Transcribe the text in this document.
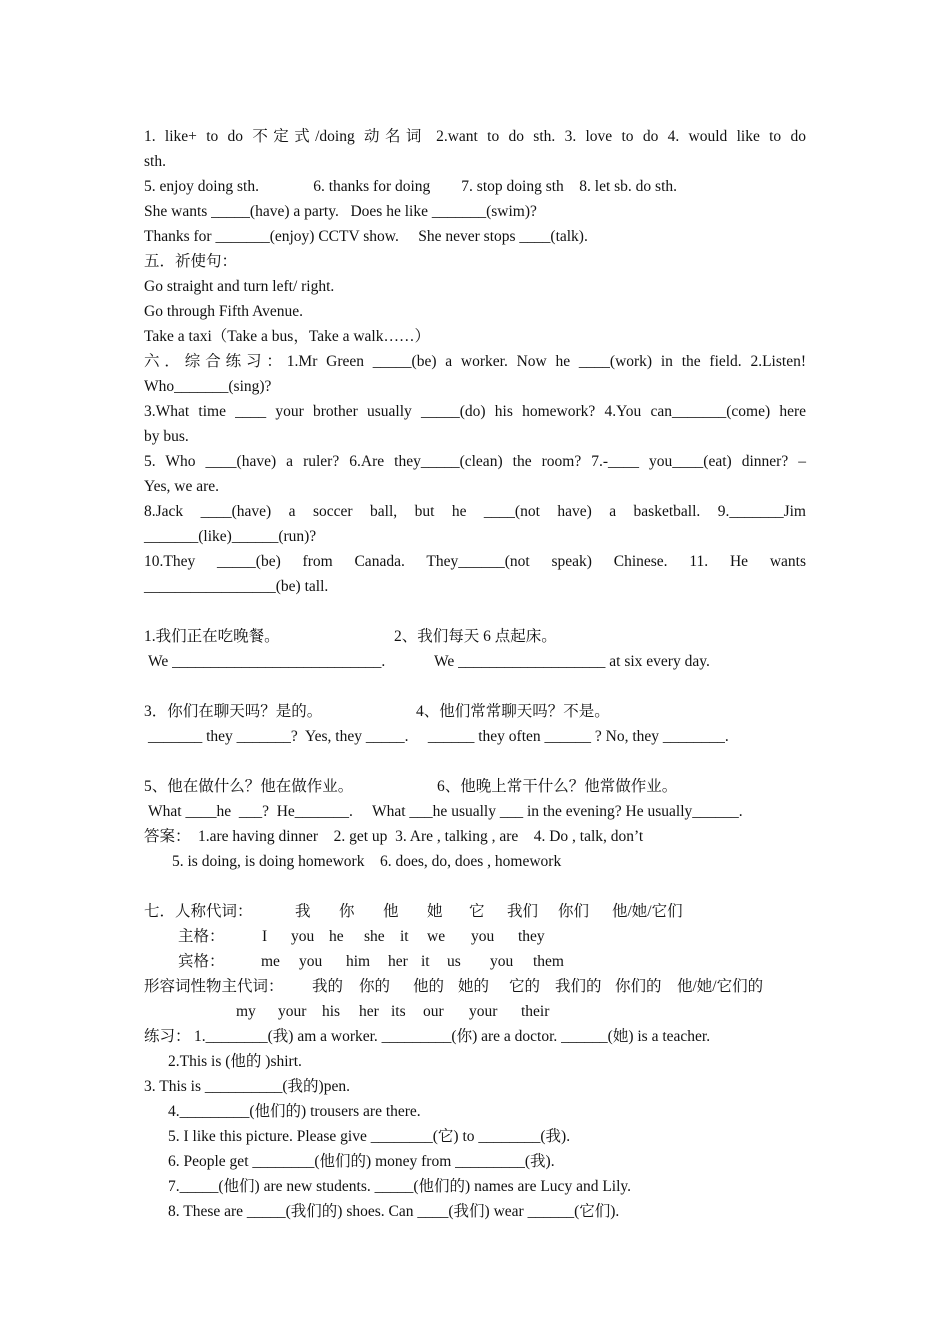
1. like+ to do 不定式/doing 动名词 2.want to do sth. 3. love to do 4. would like to do
sth.
5. enjoy doing sth.              6. thanks for doing        7. stop doing sth    8. let sb. do sth.
She wants _____(have) a party.   Does he like _______(swim)?
Thanks for _______(enjoy) CCTV show.     She never stops ____(talk).
五．祈使句：
Go straight and turn left/ right.
Go through Fifth Avenue.
Take a taxi（Take a bus，Take a walk……）
六．综合练习：1.Mr Green _____(be) a worker. Now he ____(work) in the field. 2.Listen!
Who_______(sing)?
3.What time ____ your brother usually _____(do) his homework? 4.You can_______(come) here
by bus.
5. Who ____(have) a ruler? 6.Are they_____(clean) the room? 7.-____ you____(eat) dinner? –
Yes, we are.
8.Jack ____(have) a soccer ball, but he ____(not have) a basketball. 9._______Jim
_______(like)______(run)?
10.They _____(be) from Canada. They______(not speak) Chinese. 11. He wants
_________________(be) tall.
1.我们正在吃晚餐。	2、我们每天 6 点起床。
We ___________________________.	We ___________________ at six every day.
3．你们在聊天吗？是的。	4、他们常常聊天吗？不是。
_______ they _______?  Yes, they _____.     ______ they often ______ ? No, they ________.
5、他在做什么？他在做作业。	6、他晚上常干什么？他常做作业。
What ____he  ___?  He_______.     What ___he usually ___ in the evening? He usually______.
答案： 1.are having dinner    2. get up  3. Are , talking , are    4. Do , talk, don’t
5. is doing, is doing homework    6. does, do, does , homework
七．人称代词：	我	你	他	她	它	我们	你们	他/她/它们
主格：	I	you he	she it	we	you	they
宾格：	me	you	him	her it	us	you	them
形容词性物主代词：	我的	你的	他的 她的	它的 我们的 你们的 他/她/它们的
my	your	his	her its	our	your	their
练习： 1.________(我) am a worker. _________(你) are a doctor. ______(她) is a teacher.
2.This is (他的 )shirt.
3. This is __________(我的)pen.
4._________(他们的) trousers are there.
5. I like this picture. Please give ________(它) to ________(我).
6. People get ________(他们的) money from _________(我).
7._____(他们) are new students. _____(他们的) names are Lucy and Lily.
8. These are _____(我们的) shoes. Can ____(我们) wear ______(它们).
